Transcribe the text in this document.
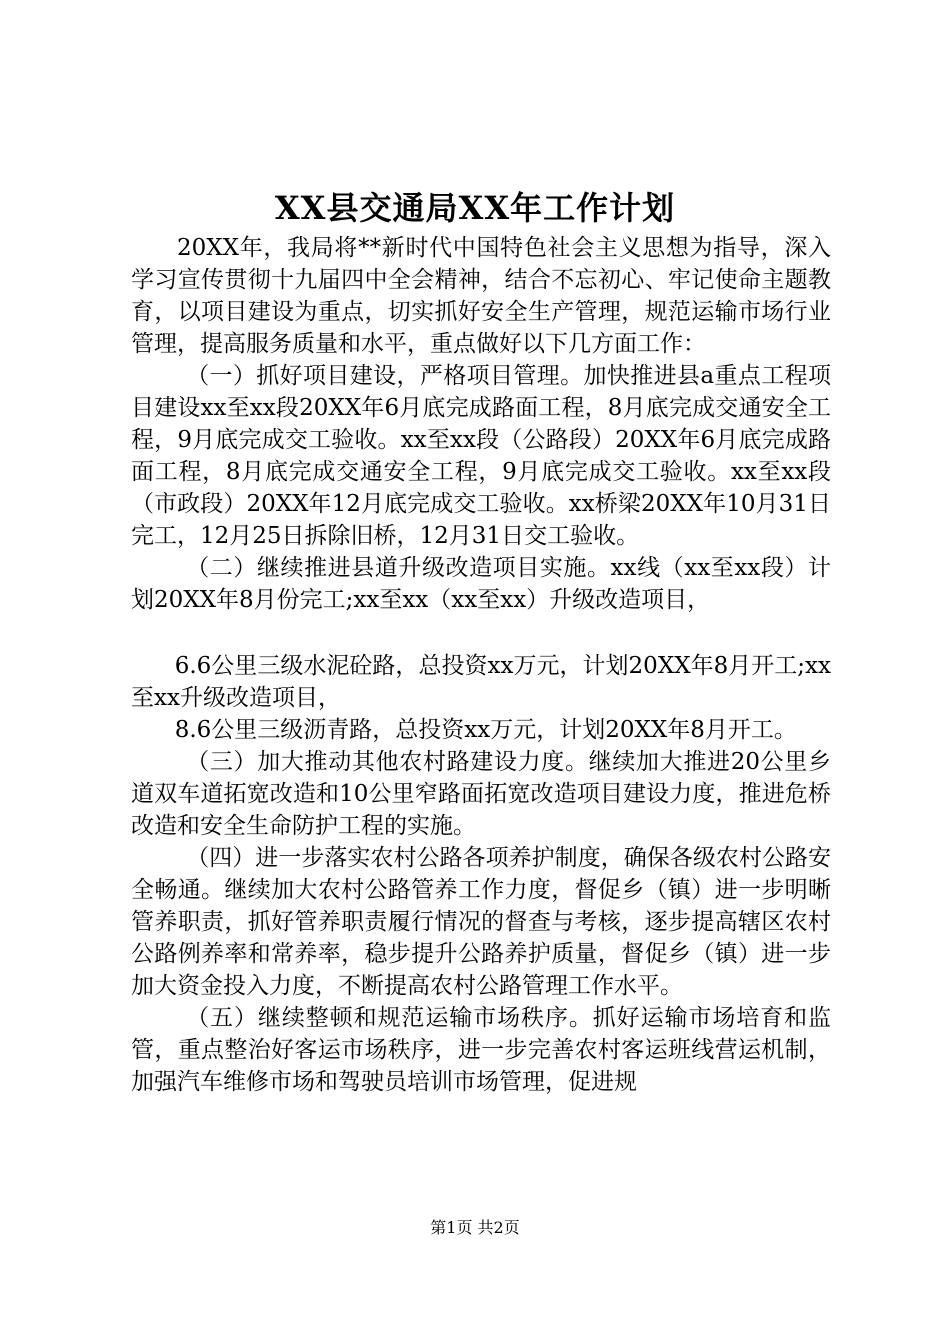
XX县交通局XX年工作计划

20XX年，我局将**新时代中国特色社会主义思想为指导，深入学习宣传贯彻十九届四中全会精神，结合不忘初心、牢记使命主题教育，以项目建设为重点，切实抓好安全生产管理，规范运输市场行业管理，提高服务质量和水平，重点做好以下几方面工作：

（一）抓好项目建设，严格项目管理。加快推进县a重点工程项目建设xx至xx段20XX年6月底完成路面工程，8月底完成交通安全工程，9月底完成交工验收。xx至xx段（公路段）20XX年6月底完成路面工程，8月底完成交通安全工程，9月底完成交工验收。xx至xx段（市政段）20XX年12月底完成交工验收。xx桥梁20XX年10月31日完工，12月25日拆除旧桥，12月31日交工验收。

（二）继续推进县道升级改造项目实施。xx线（xx至xx段）计划20XX年8月份完工;xx至xx（xx至xx）升级改造项目，

6.6公里三级水泥砼路，总投资xx万元，计划20XX年8月开工;xx至xx升级改造项目，

8.6公里三级沥青路，总投资xx万元，计划20XX年8月开工。

（三）加大推动其他农村路建设力度。继续加大推进20公里乡道双车道拓宽改造和10公里窄路面拓宽改造项目建设力度，推进危桥改造和安全生命防护工程的实施。

（四）进一步落实农村公路各项养护制度，确保各级农村公路安全畅通。继续加大农村公路管养工作力度，督促乡（镇）进一步明晰管养职责，抓好管养职责履行情况的督查与考核，逐步提高辖区农村公路例养率和常养率，稳步提升公路养护质量，督促乡（镇）进一步加大资金投入力度，不断提高农村公路管理工作水平。

（五）继续整顿和规范运输市场秩序。抓好运输市场培育和监管，重点整治好客运市场秩序，进一步完善农村客运班线营运机制，加强汽车维修市场和驾驶员培训市场管理，促进规

第1页 共2页
